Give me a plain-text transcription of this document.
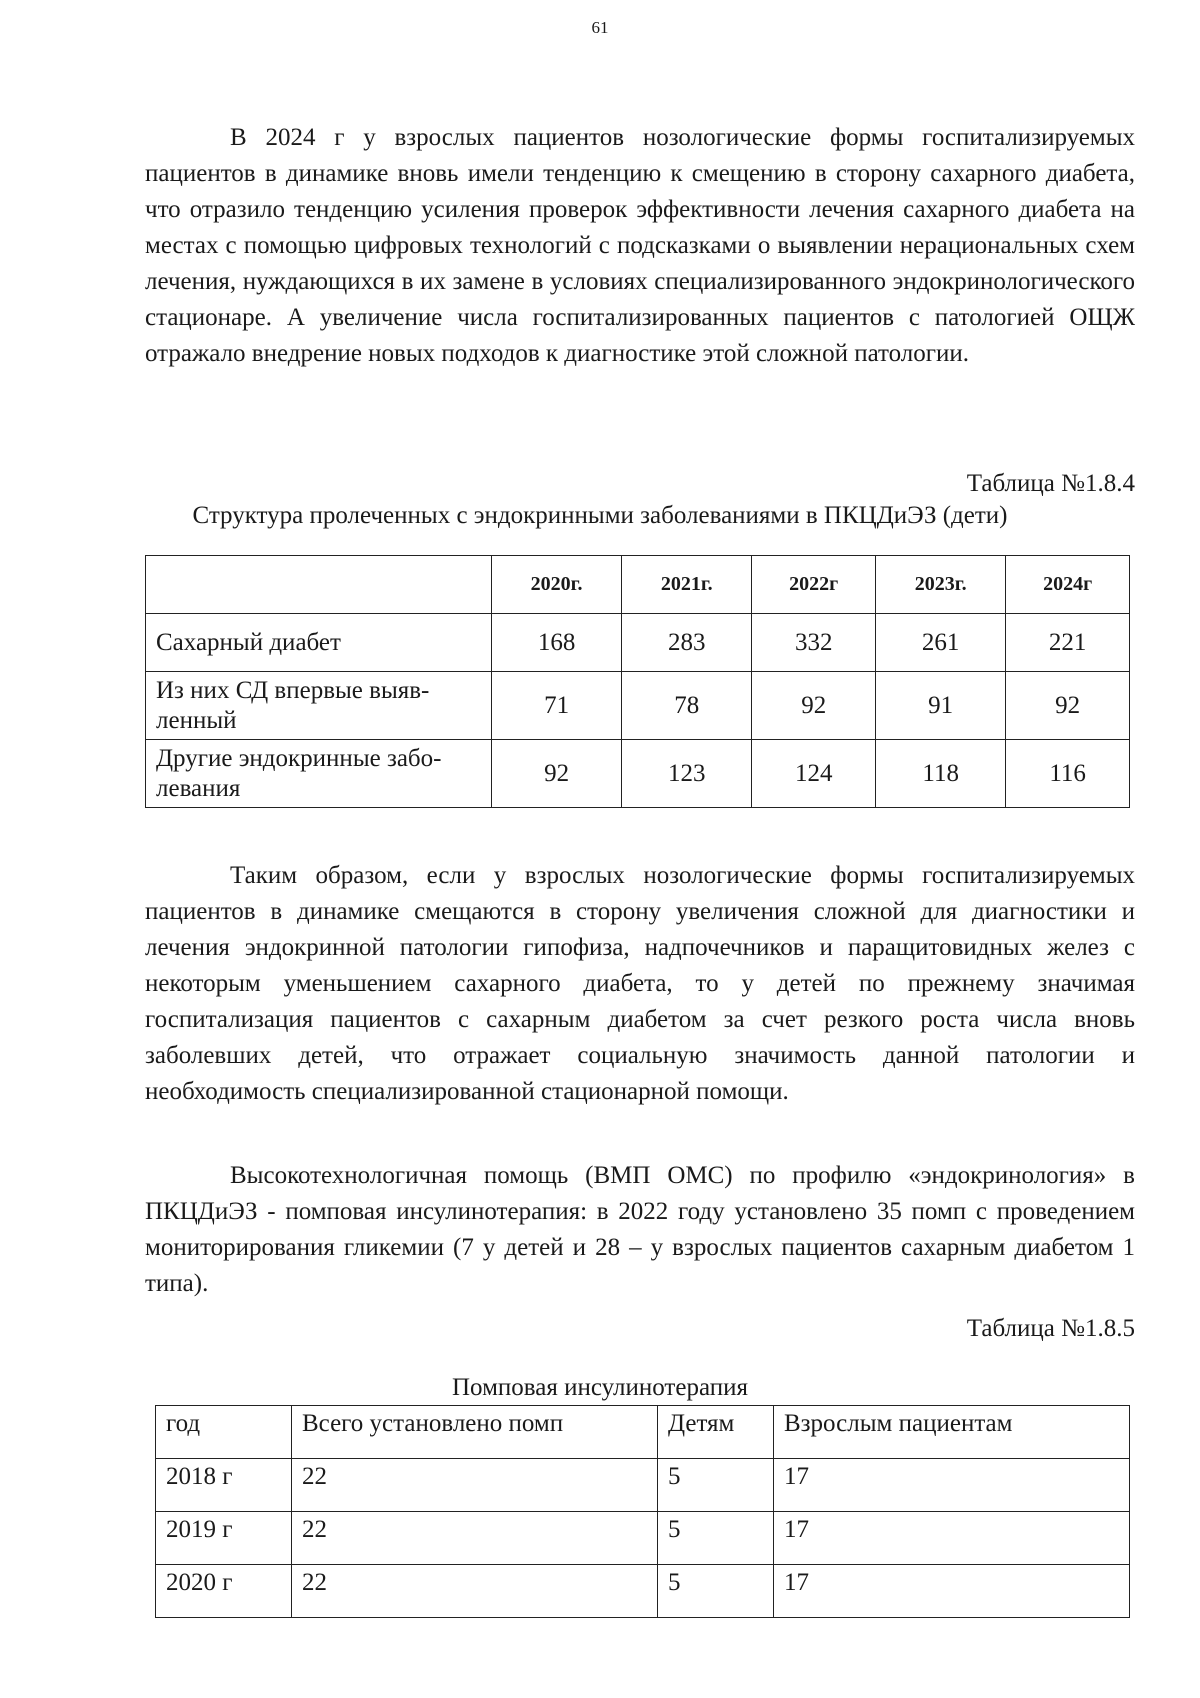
61

В 2024 г у взрослых пациентов нозологические формы госпитализируемых пациентов в динамике вновь имели тенденцию к смещению в сторону сахарного диабета, что отразило тенденцию усиления проверок эффективности лечения сахарного диабета на местах с помощью цифровых технологий с подсказками о выявлении нерациональных схем лечения, нуждающихся в их замене в условиях специализированного эндокринологического стационаре. А увеличение числа госпитализированных пациентов с патологией ОЩЖ отражало внедрение новых подходов к диагностике этой сложной патологии.

Таблица №1.8.4
Структура пролеченных с эндокринными заболеваниями в ПКЦДиЭЗ (дети)
	2020г.	2021г.	2022г	2023г.	2024г
Сахарный диабет	168	283	332	261	221
Из них СД впервые выяв-ленный	71	78	92	91	92
Другие эндокринные забо-левания	92	123	124	118	116

Таким образом, если у взрослых нозологические формы госпитализируемых пациентов в динамике смещаются в сторону увеличения сложной для диагностики и лечения эндокринной патологии гипофиза, надпочечников и паращитовидных желез с некоторым уменьшением сахарного диабета, то у детей по прежнему значимая госпитализация пациентов с сахарным диабетом за счет резкого роста числа вновь заболевших детей, что отражает социальную значимость данной патологии и необходимость специализированной стационарной помощи.

Высокотехнологичная помощь (ВМП ОМС) по профилю «эндокринология» в ПКЦДиЭЗ - помповая инсулинотерапия: в 2022 году установлено 35 помп с проведением мониторирования гликемии (7 у детей и 28 – у взрослых пациентов сахарным диабетом 1 типа).

Таблица №1.8.5
Помповая инсулинотерапия
год	Всего установлено помп	Детям	Взрослым пациентам
2018 г	22	5	17
2019 г	22	5	17
2020 г	22	5	17
